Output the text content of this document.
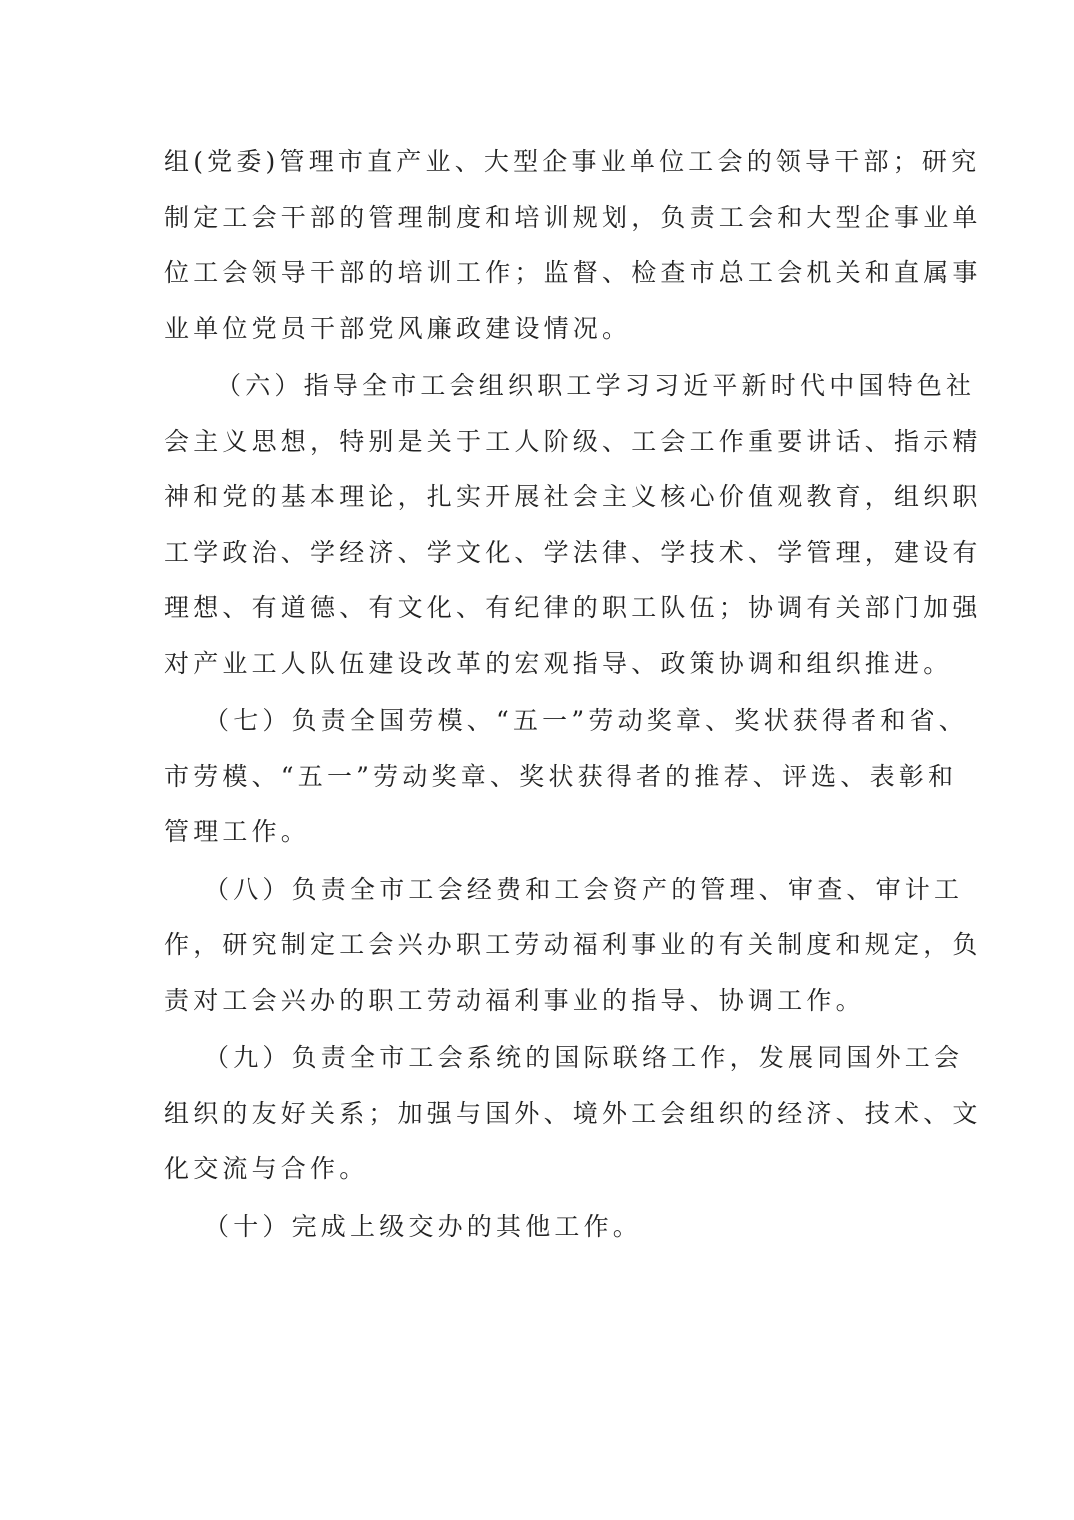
组(党委)管理市直产业、大型企事业单位工会的领导干部；研究
制定工会干部的管理制度和培训规划，负责工会和大型企事业单
位工会领导干部的培训工作；监督、检查市总工会机关和直属事
业单位党员干部党风廉政建设情况。

（六）指导全市工会组织职工学习习近平新时代中国特色社
会主义思想，特别是关于工人阶级、工会工作重要讲话、指示精
神和党的基本理论，扎实开展社会主义核心价值观教育，组织职
工学政治、学经济、学文化、学法律、学技术、学管理，建设有
理想、有道德、有文化、有纪律的职工队伍；协调有关部门加强
对产业工人队伍建设改革的宏观指导、政策协调和组织推进。

（七）负责全国劳模、“五一”劳动奖章、奖状获得者和省、
市劳模、“五一”劳动奖章、奖状获得者的推荐、评选、表彰和
管理工作。

（八）负责全市工会经费和工会资产的管理、审查、审计工
作，研究制定工会兴办职工劳动福利事业的有关制度和规定，负
责对工会兴办的职工劳动福利事业的指导、协调工作。

（九）负责全市工会系统的国际联络工作，发展同国外工会
组织的友好关系；加强与国外、境外工会组织的经济、技术、文
化交流与合作。

（十）完成上级交办的其他工作。
